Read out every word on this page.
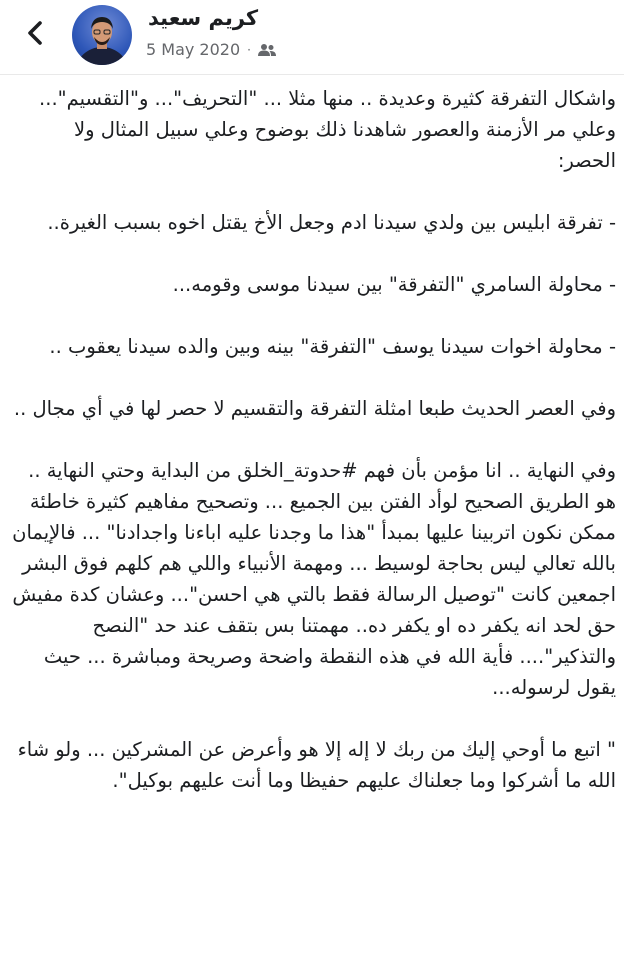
كريم سعيد
5 May 2020 ·

واشكال التفرقة كثيرة وعديدة .. منها مثلا ... "التحريف"... و"التقسيم"... وعلي مر الأزمنة والعصور شاهدنا ذلك بوضوح وعلي سبيل المثال ولا الحصر:

- تفرقة ابليس بين ولدي سيدنا ادم وجعل الأخ يقتل اخوه بسبب الغيرة..

- محاولة السامري "التفرقة" بين سيدنا موسى وقومه...

- محاولة اخوات سيدنا يوسف "التفرقة" بينه وبين والده سيدنا يعقوب ..

وفي العصر الحديث طبعا امثلة التفرقة والتقسيم لا حصر لها في أي مجال ..

وفي النهاية .. انا مؤمن بأن فهم #حدوتة_الخلق من البداية وحتي النهاية .. هو الطريق الصحيح لوأد الفتن بين الجميع ... وتصحيح مفاهيم كثيرة خاطئة ممكن نكون اتربينا عليها بمبدأ "هذا ما وجدنا عليه اباءنا واجدادنا" ... فالإيمان بالله تعالي ليس بحاجة لوسيط ... ومهمة الأنبياء واللي هم كلهم فوق البشر اجمعين كانت "توصيل الرسالة فقط بالتي هي احسن"... وعشان كدة مفيش حق لحد انه يكفر ده او يكفر ده.. مهمتنا بس بتقف عند حد "النصح والتذكير".... فأية الله في هذه النقطة واضحة وصريحة ومباشرة ... حيث يقول لرسوله...

" اتبع ما أوحي إليك من ربك لا إله إلا هو وأعرض عن المشركين ... ولو شاء الله ما أشركوا وما جعلناك عليهم حفيظا وما أنت عليهم بوكيل".
